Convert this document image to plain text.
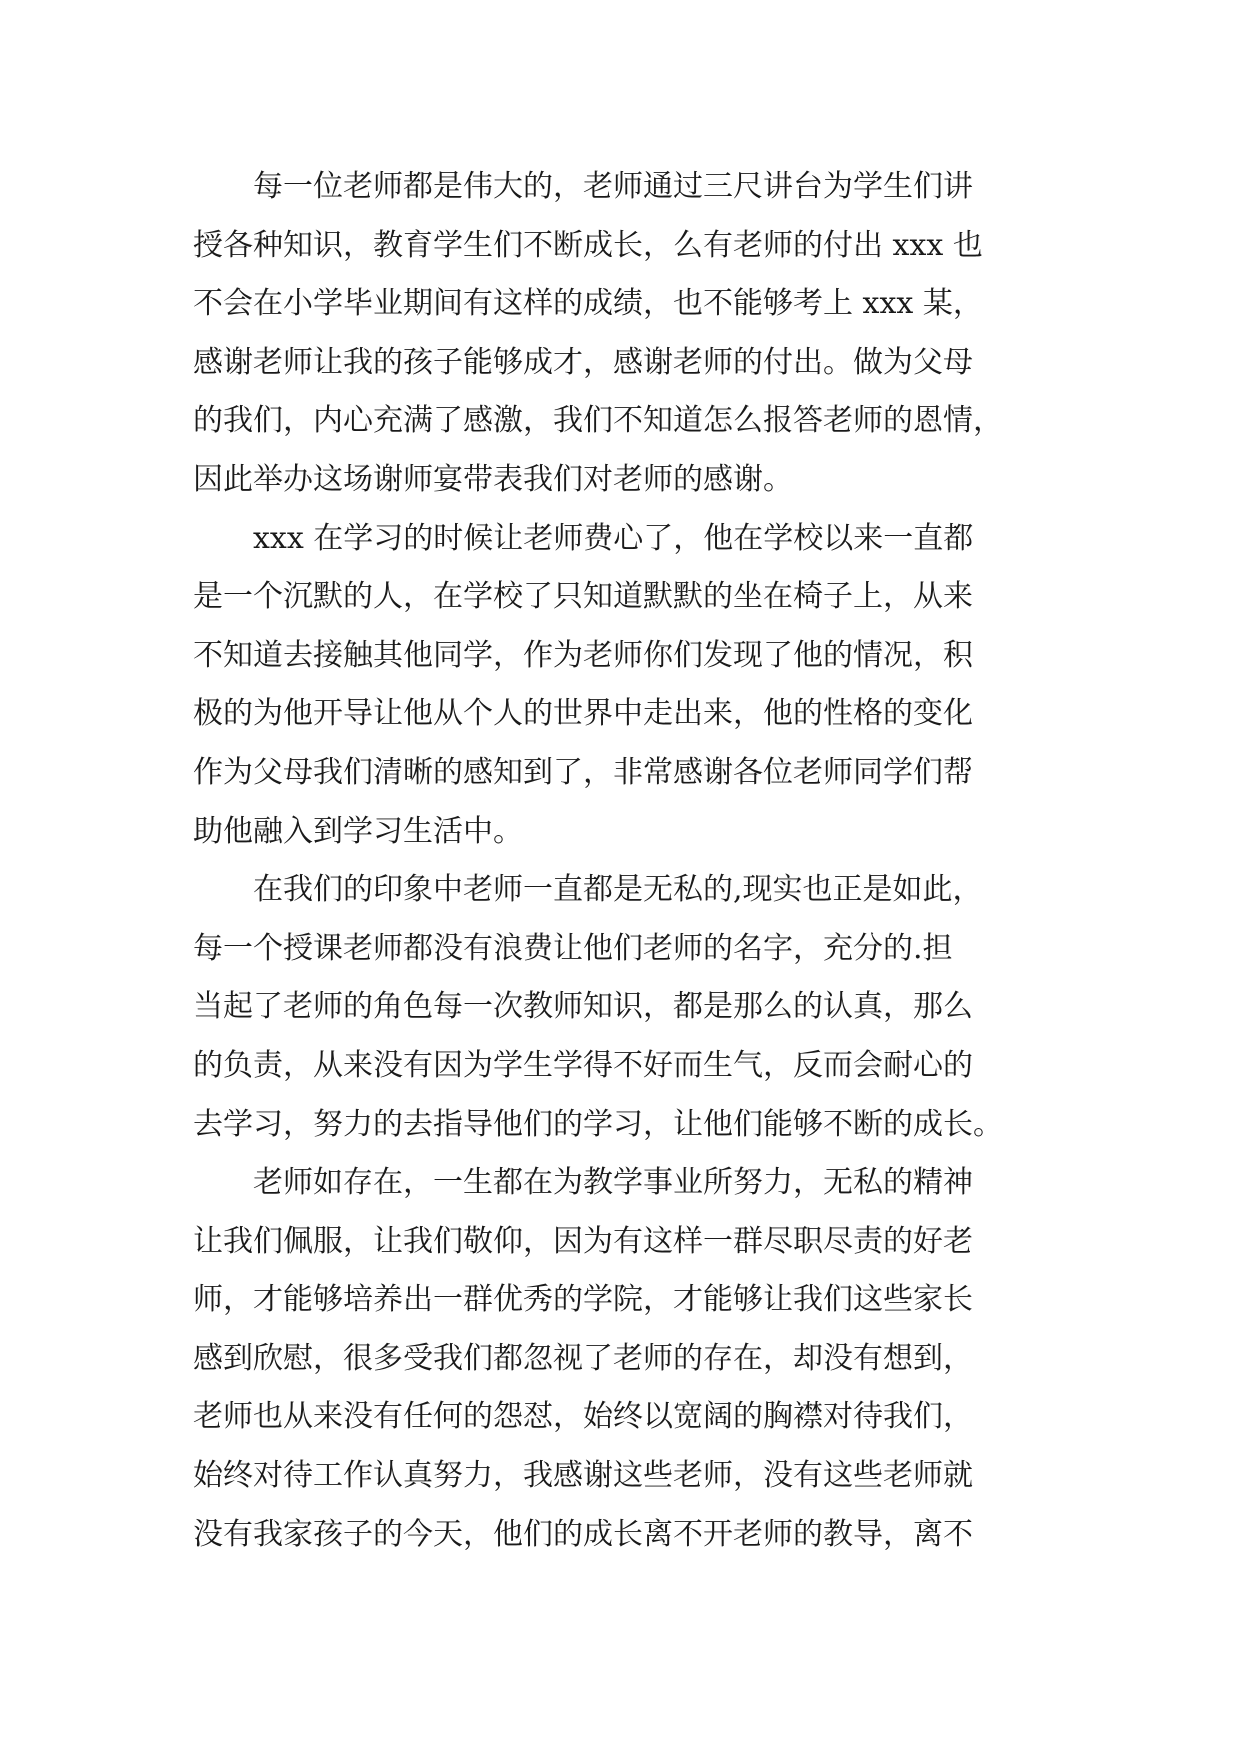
　　每一位老师都是伟大的，老师通过三尺讲台为学生们讲
授各种知识，教育学生们不断成长，么有老师的付出 xxx 也
不会在小学毕业期间有这样的成绩，也不能够考上 xxx 某，
感谢老师让我的孩子能够成才，感谢老师的付出。做为父母
的我们，内心充满了感激，我们不知道怎么报答老师的恩情，
因此举办这场谢师宴带表我们对老师的感谢。
　　xxx 在学习的时候让老师费心了，他在学校以来一直都
是一个沉默的人，在学校了只知道默默的坐在椅子上，从来
不知道去接触其他同学，作为老师你们发现了他的情况，积
极的为他开导让他从个人的世界中走出来，他的性格的变化
作为父母我们清晰的感知到了，非常感谢各位老师同学们帮
助他融入到学习生活中。
　　在我们的印象中老师一直都是无私的,现实也正是如此，
每一个授课老师都没有浪费让他们老师的名字，充分的.担
当起了老师的角色每一次教师知识，都是那么的认真，那么
的负责，从来没有因为学生学得不好而生气，反而会耐心的
去学习，努力的去指导他们的学习，让他们能够不断的成长。
　　老师如存在，一生都在为教学事业所努力，无私的精神
让我们佩服，让我们敬仰，因为有这样一群尽职尽责的好老
师，才能够培养出一群优秀的学院，才能够让我们这些家长
感到欣慰，很多受我们都忽视了老师的存在，却没有想到，
老师也从来没有任何的怨怼，始终以宽阔的胸襟对待我们，
始终对待工作认真努力，我感谢这些老师，没有这些老师就
没有我家孩子的今天，他们的成长离不开老师的教导，离不
